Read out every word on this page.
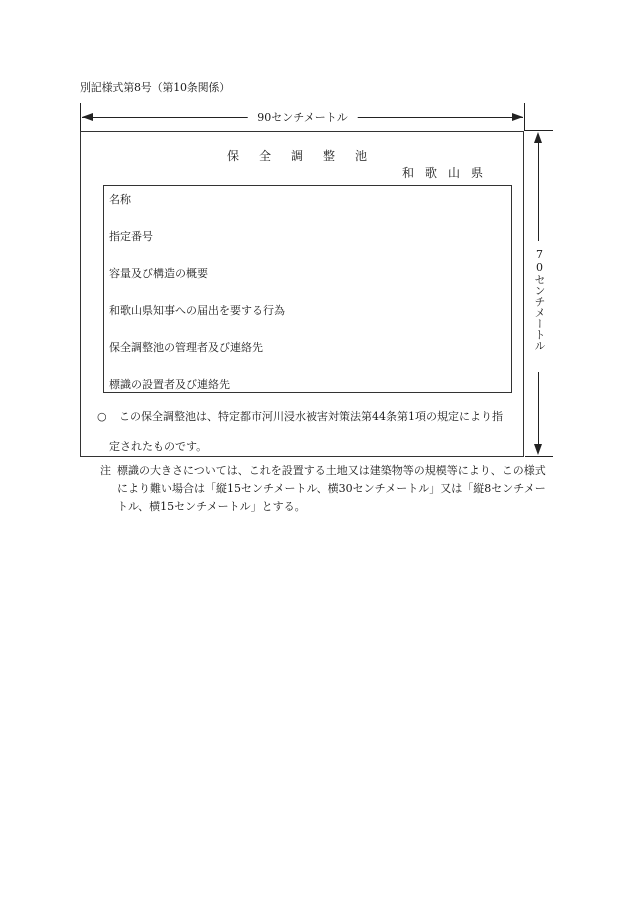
別記様式第8号（第10条関係）
90センチメートル
保全調整池
和歌山県
名称
指定番号
容量及び構造の概要
和歌山県知事への届出を要する行為
保全調整池の管理者及び連絡先
標識の設置者及び連絡先
○ この保全調整池は、特定都市河川浸水被害対策法第44条第1項の規定により指
定されたものです。
70センチメートル
注 標識の大きさについては、これを設置する土地又は建築物等の規模等により、この様式により難い場合は「縦15センチメートル、横30センチメートル」又は「縦8センチメートル、横15センチメートル」とする。
